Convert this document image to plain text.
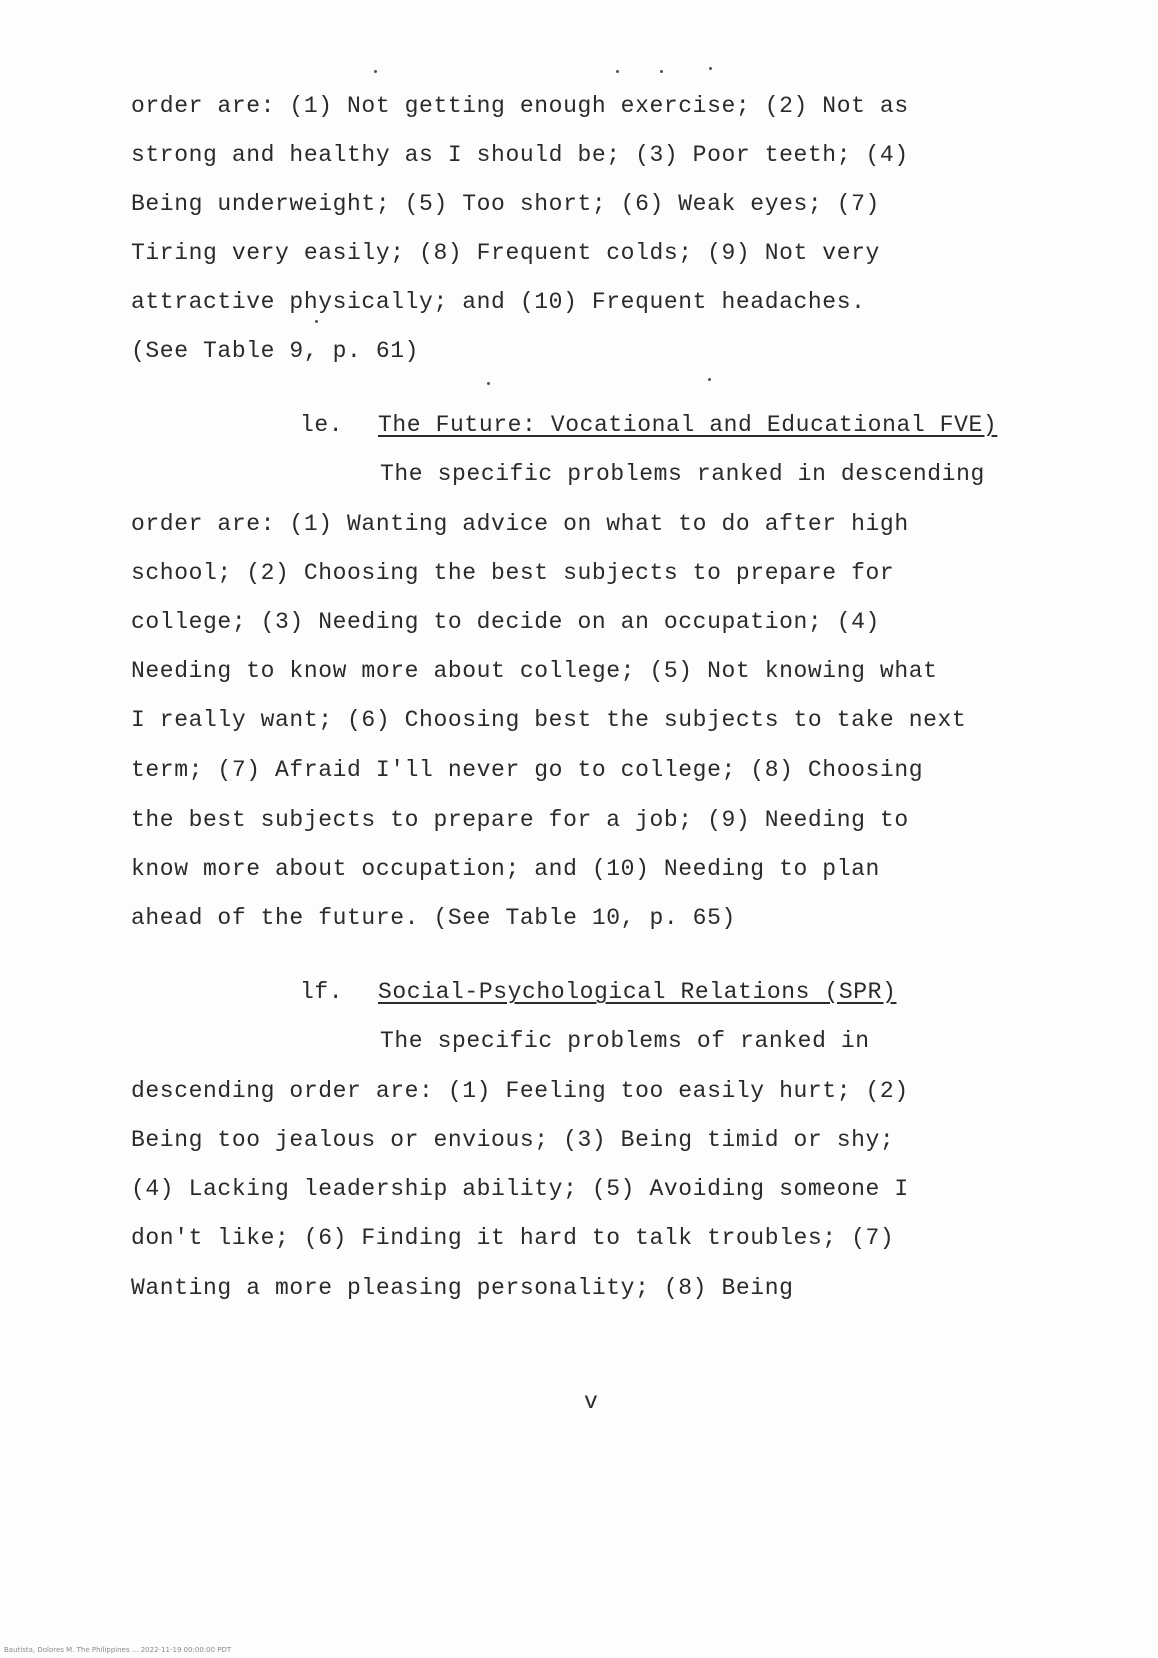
order are: (1) Not getting enough exercise; (2) Not as
strong and healthy as I should be; (3) Poor teeth; (4)
Being underweight; (5) Too short; (6) Weak eyes; (7)
Tiring very easily; (8) Frequent colds; (9) Not very
attractive physically; and (10) Frequent headaches.
(See Table 9, p. 61)
le. The Future: Vocational and Educational FVE)
The specific problems ranked in descending
order are: (1) Wanting advice on what to do after high
school; (2) Choosing the best subjects to prepare for
college; (3) Needing to decide on an occupation; (4)
Needing to know more about college; (5) Not knowing what
I really want; (6) Choosing best the subjects to take next
term; (7) Afraid I'll never go to college; (8) Choosing
the best subjects to prepare for a job; (9) Needing to
know more about occupation; and (10) Needing to plan
ahead of the future. (See Table 10, p. 65)
lf. Social-Psychological Relations (SPR)
The specific problems of ranked in
descending order are: (1) Feeling too easily hurt; (2)
Being too jealous or envious; (3) Being timid or shy;
(4) Lacking leadership ability; (5) Avoiding someone I
don't like; (6) Finding it hard to talk troubles; (7)
Wanting a more pleasing personality; (8) Being
v
Bautista, Dolores M. The Philippines ... 2022-11-19 00:00:00 PDT
